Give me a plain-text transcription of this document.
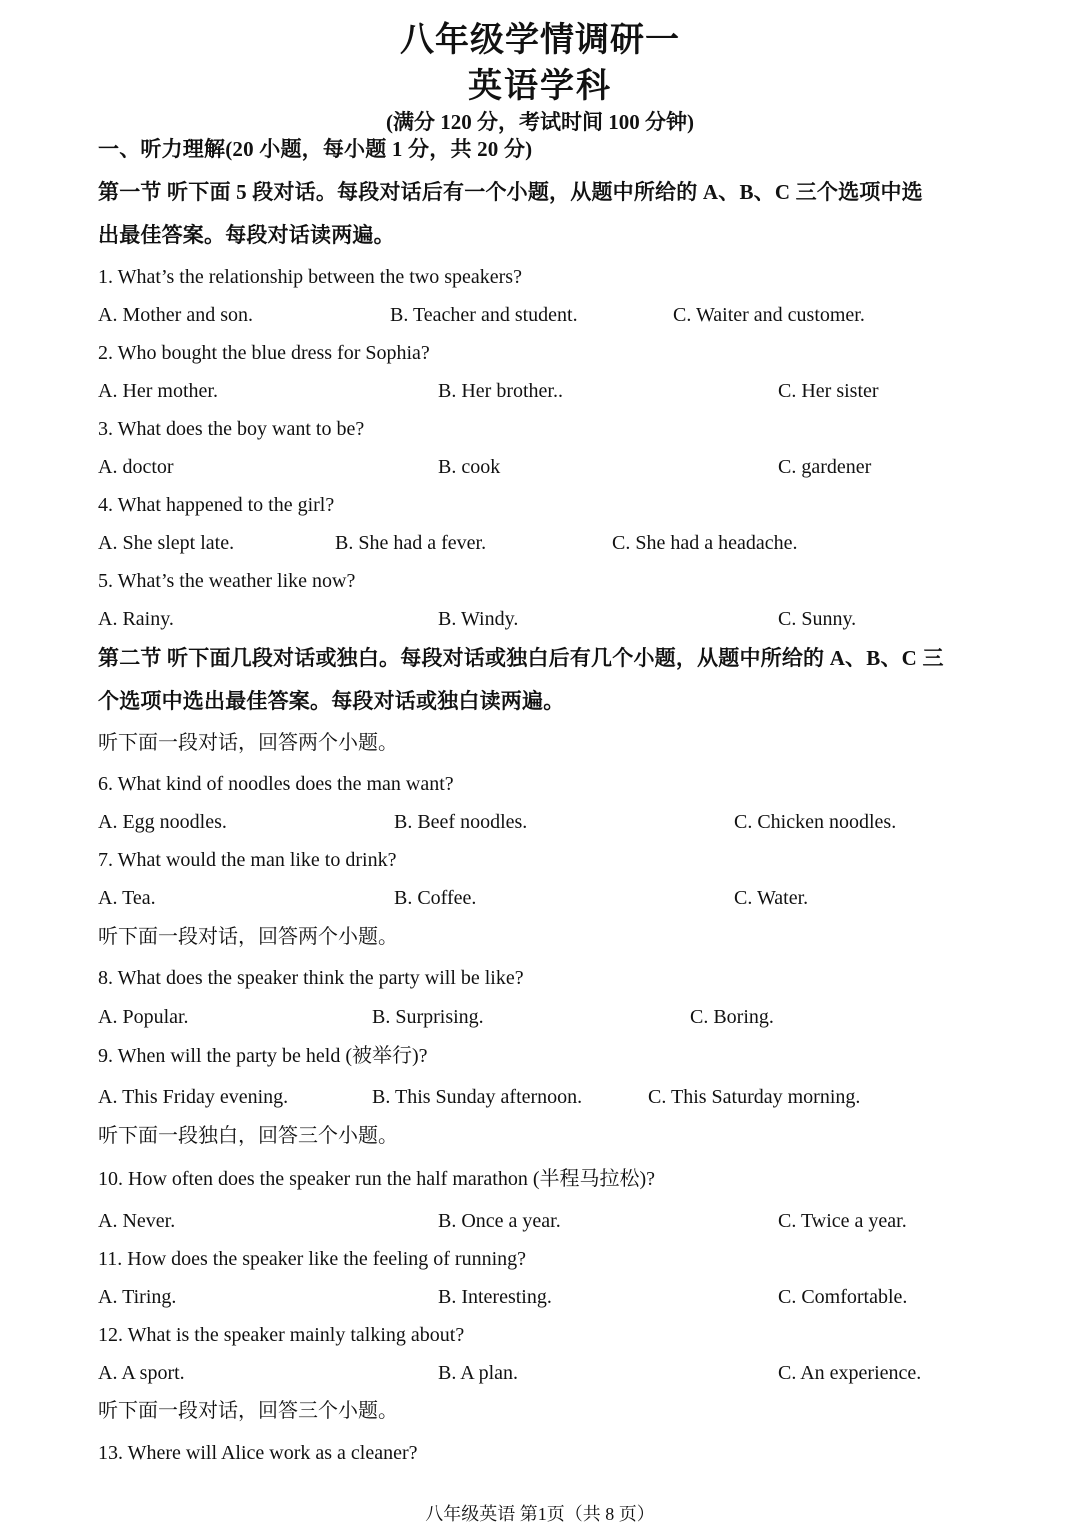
八年级学情调研一
英语学科
(满分 120 分，考试时间 100 分钟)
一、听力理解(20 小题，每小题 1 分，共 20 分)
第一节 听下面 5 段对话。每段对话后有一个小题，从题中所给的 A、B、C 三个选项中选
出最佳答案。每段对话读两遍。
1. What’s the relationship between the two speakers?
A. Mother and son.	B. Teacher and student.	C. Waiter and customer.
2. Who bought the blue dress for Sophia?
A. Her mother.	B. Her brother..	C. Her sister
3. What does the boy want to be?
A. doctor	B. cook	C. gardener
4. What happened to the girl?
A. She slept late.	B. She had a fever.	C. She had a headache.
5. What’s the weather like now?
A. Rainy.	B. Windy.	C. Sunny.
第二节 听下面几段对话或独白。每段对话或独白后有几个小题，从题中所给的 A、B、C 三
个选项中选出最佳答案。每段对话或独白读两遍。
听下面一段对话，回答两个小题。
6. What kind of noodles does the man want?
A. Egg noodles.	B. Beef noodles.	C. Chicken noodles.
7. What would the man like to drink?
A. Tea.	B. Coffee.	C. Water.
听下面一段对话，回答两个小题。
8. What does the speaker think the party will be like?
A. Popular.	B. Surprising.	C. Boring.
9. When will the party be held (被举行)?
A. This Friday evening.	B. This Sunday afternoon.	C. This Saturday morning.
听下面一段独白，回答三个小题。
10. How often does the speaker run the half marathon (半程马拉松)?
A. Never.	B. Once a year.	C. Twice a year.
11. How does the speaker like the feeling of running?
A. Tiring.	B. Interesting.	C. Comfortable.
12. What is the speaker mainly talking about?
A. A sport.	B. A plan.	C. An experience.
听下面一段对话，回答三个小题。
13. Where will Alice work as a cleaner?
八年级英语 第1页（共 8 页）
